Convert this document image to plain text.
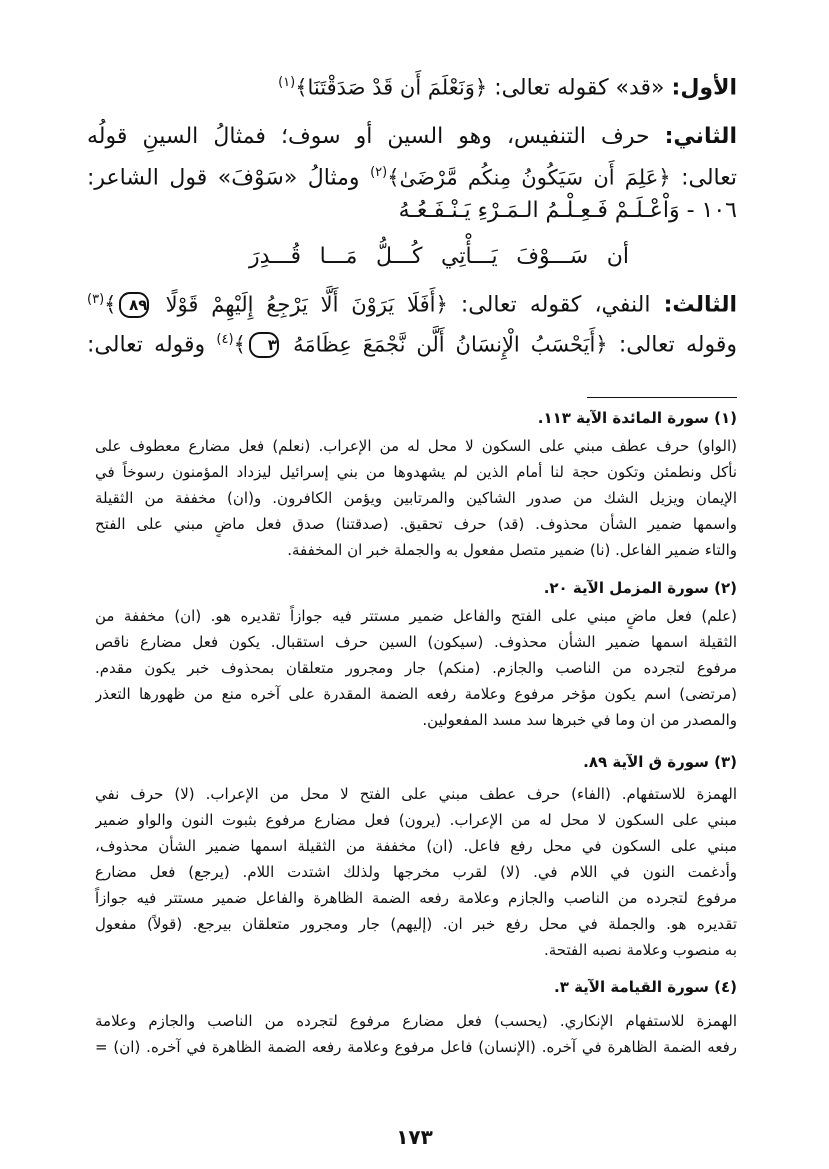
الأول: «قد» كقوله تعالى: ﴿وَنَعْلَمَ أَن قَدْ صَدَقْتَنَا﴾$^{(١)}$
الثاني: حرف التنفيس، وهو السين أو سوف؛ فمثالُ السينِ قولُه
تعالى: ﴿عَلِمَ أَن سَيَكُونُ مِنكُم مَّرْضَىٰ﴾$^{(٢)}$ ومثالُ «سَوْفَ» قول الشاعر:
١٠٦ - وَاْعْـلَـمْ فَـعِـلْـمُ الـمَـرْءِ يَـنْـفَـعُـهُ
أن سَـــوْفَ يَـــأْتِي كُـــلُّ مَـــا قُـــدِرَ
الثالث: النفي، كقوله تعالى: ﴿أَفَلَا يَرَوْنَ أَلَّا يَرْجِعُ إِلَيْهِمْ قَوْلًا ٨٩﴾$^{(٣)}$
وقوله تعالى: ﴿أَيَحْسَبُ الْإِنسَانُ أَلَّن نَّجْمَعَ عِظَامَهُ ٣﴾$^{(٤)}$ وقوله تعالى:
(١) سورة المائدة الآية ١١٣.
(الواو) حرف عطف مبني على السكون لا محل له من الإعراب. (نعلم) فعل مضارع معطوف على
نأكل ونطمئن وتكون حجة لنا أمام الذين لم يشهدوها من بني إسرائيل ليزداد المؤمنون رسوخاً في
الإيمان ويزيل الشك من صدور الشاكين والمرتابين ويؤمن الكافرون. و(ان) مخففة من الثقيلة
واسمها ضمير الشأن محذوف. (قد) حرف تحقيق. (صدقتنا) صدق فعل ماضٍ مبني على الفتح
والتاء ضمير الفاعل. (نا) ضمير متصل مفعول به والجملة خبر ان المخففة.
(٢) سورة المزمل الآية ٢٠.
(علم) فعل ماضٍ مبني على الفتح والفاعل ضمير مستتر فيه جوازاً تقديره هو. (ان) مخففة من
الثقيلة اسمها ضمير الشأن محذوف. (سيكون) السين حرف استقبال. يكون فعل مضارع ناقص
مرفوع لتجرده من الناصب والجازم. (منكم) جار ومجرور متعلقان بمحذوف خبر يكون مقدم.
(مرتضى) اسم يكون مؤخر مرفوع وعلامة رفعه الضمة المقدرة على آخره منع من ظهورها التعذر
والمصدر من ان وما في خبرها سد مسد المفعولين.
(٣) سورة ق الآية ٨٩.
الهمزة للاستفهام. (الفاء) حرف عطف مبني على الفتح لا محل من الإعراب. (لا) حرف نفي
مبني على السكون لا محل له من الإعراب. (يرون) فعل مضارع مرفوع بثبوت النون والواو ضمير
مبني على السكون في محل رفع فاعل. (ان) مخففة من الثقيلة اسمها ضمير الشأن محذوف،
وأدغمت النون في اللام في. (لا) لقرب مخرجها ولذلك اشتدت اللام. (يرجع) فعل مضارع
مرفوع لتجرده من الناصب والجازم وعلامة رفعه الضمة الظاهرة والفاعل ضمير مستتر فيه جوازاً
تقديره هو. والجملة في محل رفع خبر ان. (إليهم) جار ومجرور متعلقان بيرجع. (قولاً) مفعول
به منصوب وعلامة نصبه الفتحة.
(٤) سورة القيامة الآية ٣.
الهمزة للاستفهام الإنكاري. (يحسب) فعل مضارع مرفوع لتجرده من الناصب والجازم وعلامة
رفعه الضمة الظاهرة في آخره. (الإنسان) فاعل مرفوع وعلامة رفعه الضمة الظاهرة في آخره. (ان) =
١٧٣
